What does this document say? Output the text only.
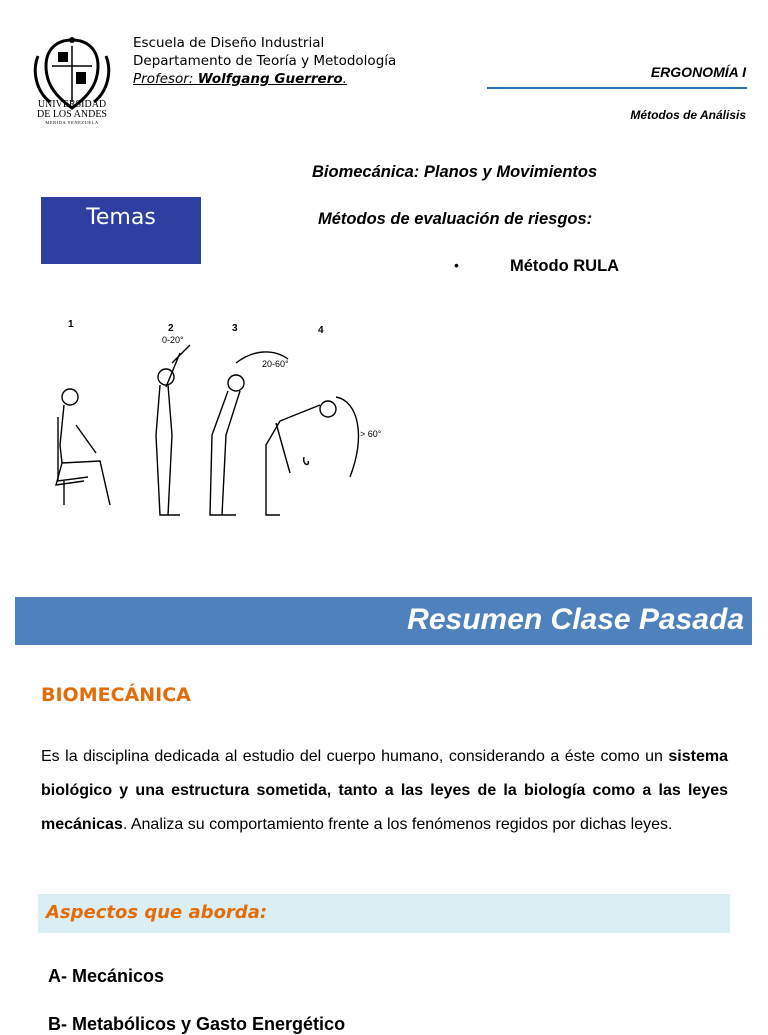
UNIVERSIDAD
DE LOS ANDES
MERIDA VENEZUELA
Escuela de Diseño Industrial
Departamento de Teoría y Metodología
Profesor: Wolfgang Guerrero.	ERGONOMÍA I
Métodos de Análisis
Temas
Biomecánica: Planos y Movimientos
Métodos de evaluación de riesgos:
•	Método RULA
1	2	3	4
0-20°
20-60°
> 60°
Resumen Clase Pasada
BIOMECÁNICA
Es la disciplina dedicada al estudio del cuerpo humano, considerando a éste como un sistema biológico y una estructura sometida, tanto a las leyes de la biología como a las leyes mecánicas. Analiza su comportamiento frente a los fenómenos regidos por dichas leyes.
Aspectos que aborda:
A- Mecánicos
B- Metabólicos y Gasto Energético
